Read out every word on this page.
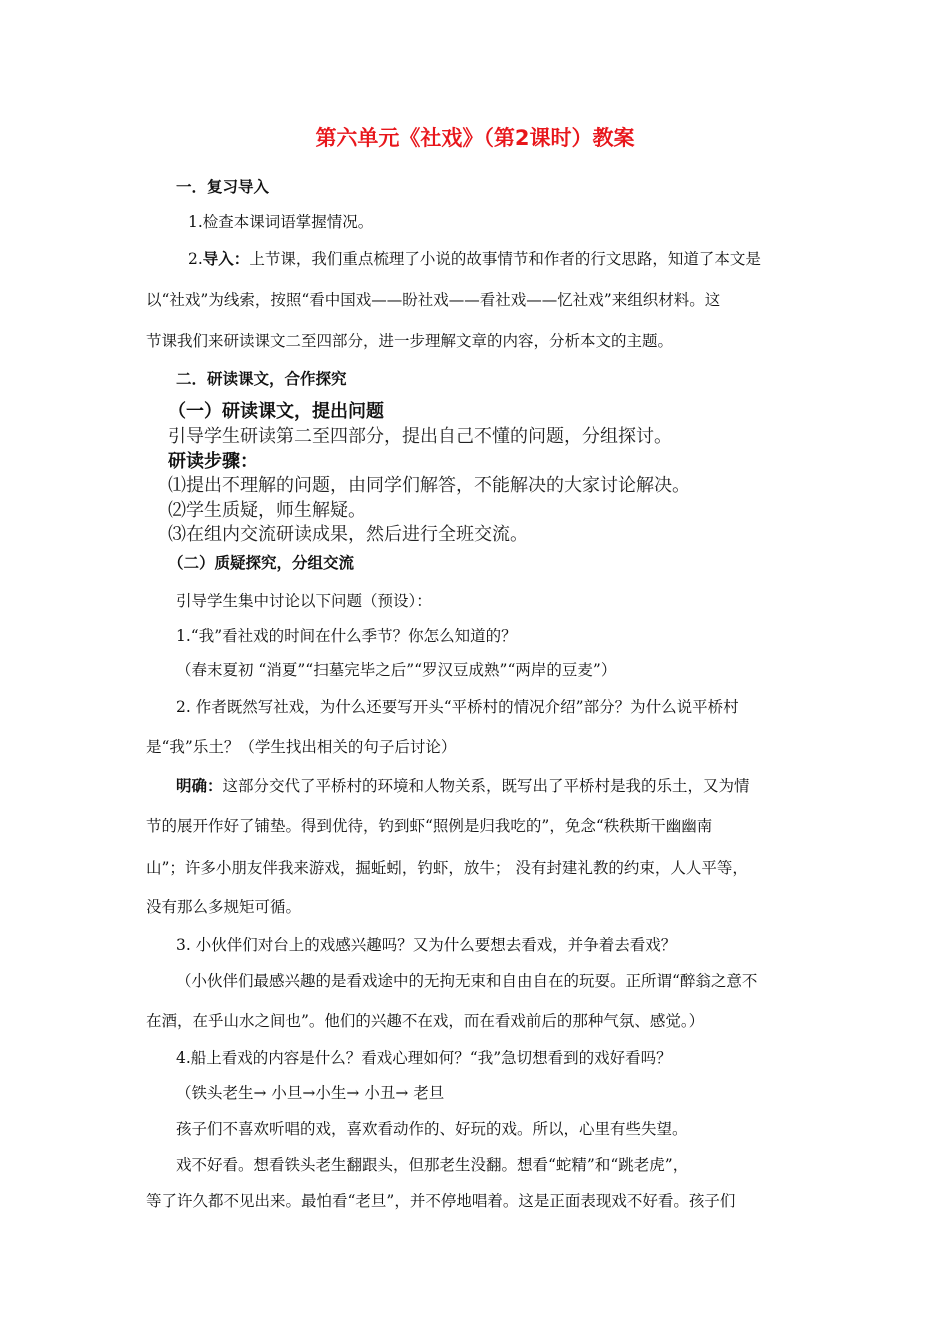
第六单元《社戏》（第2课时）教案
一．复习导入
1.检查本课词语掌握情况。
2.导入：上节课，我们重点梳理了小说的故事情节和作者的行文思路，知道了本文是
以“社戏”为线索，按照“看中国戏——盼社戏——看社戏——忆社戏”来组织材料。这
节课我们来研读课文二至四部分，进一步理解文章的内容，分析本文的主题。
二．研读课文，合作探究
（一）研读课文，提出问题
引导学生研读第二至四部分，提出自己不懂的问题，分组探讨。
研读步骤：
⑴提出不理解的问题，由同学们解答，不能解决的大家讨论解决。
⑵学生质疑，师生解疑。
⑶在组内交流研读成果，然后进行全班交流。
（二）质疑探究，分组交流
引导学生集中讨论以下问题（预设）：
1.“我”看社戏的时间在什么季节？你怎么知道的？
（春末夏初 “消夏”“扫墓完毕之后”“罗汉豆成熟”“两岸的豆麦”）
2. 作者既然写社戏，为什么还要写开头“平桥村的情况介绍”部分？为什么说平桥村
是“我”乐土？（学生找出相关的句子后讨论）
明确：这部分交代了平桥村的环境和人物关系，既写出了平桥村是我的乐土，又为情
节的展开作好了铺垫。得到优待，钓到虾“照例是归我吃的”，免念“秩秩斯干幽幽南
山”；许多小朋友伴我来游戏，掘蚯蚓，钓虾，放牛； 没有封建礼教的约束，人人平等，
没有那么多规矩可循。
3. 小伙伴们对台上的戏感兴趣吗？又为什么要想去看戏，并争着去看戏？
（小伙伴们最感兴趣的是看戏途中的无拘无束和自由自在的玩耍。正所谓“醉翁之意不
在酒，在乎山水之间也”。他们的兴趣不在戏，而在看戏前后的那种气氛、感觉。）
4.船上看戏的内容是什么？看戏心理如何？“我”急切想看到的戏好看吗？
（铁头老生→ 小旦→小生→ 小丑→ 老旦
孩子们不喜欢听唱的戏，喜欢看动作的、好玩的戏。所以，心里有些失望。
戏不好看。想看铁头老生翻跟头，但那老生没翻。想看“蛇精”和“跳老虎”，
等了许久都不见出来。最怕看“老旦”，并不停地唱着。这是正面表现戏不好看。孩子们
